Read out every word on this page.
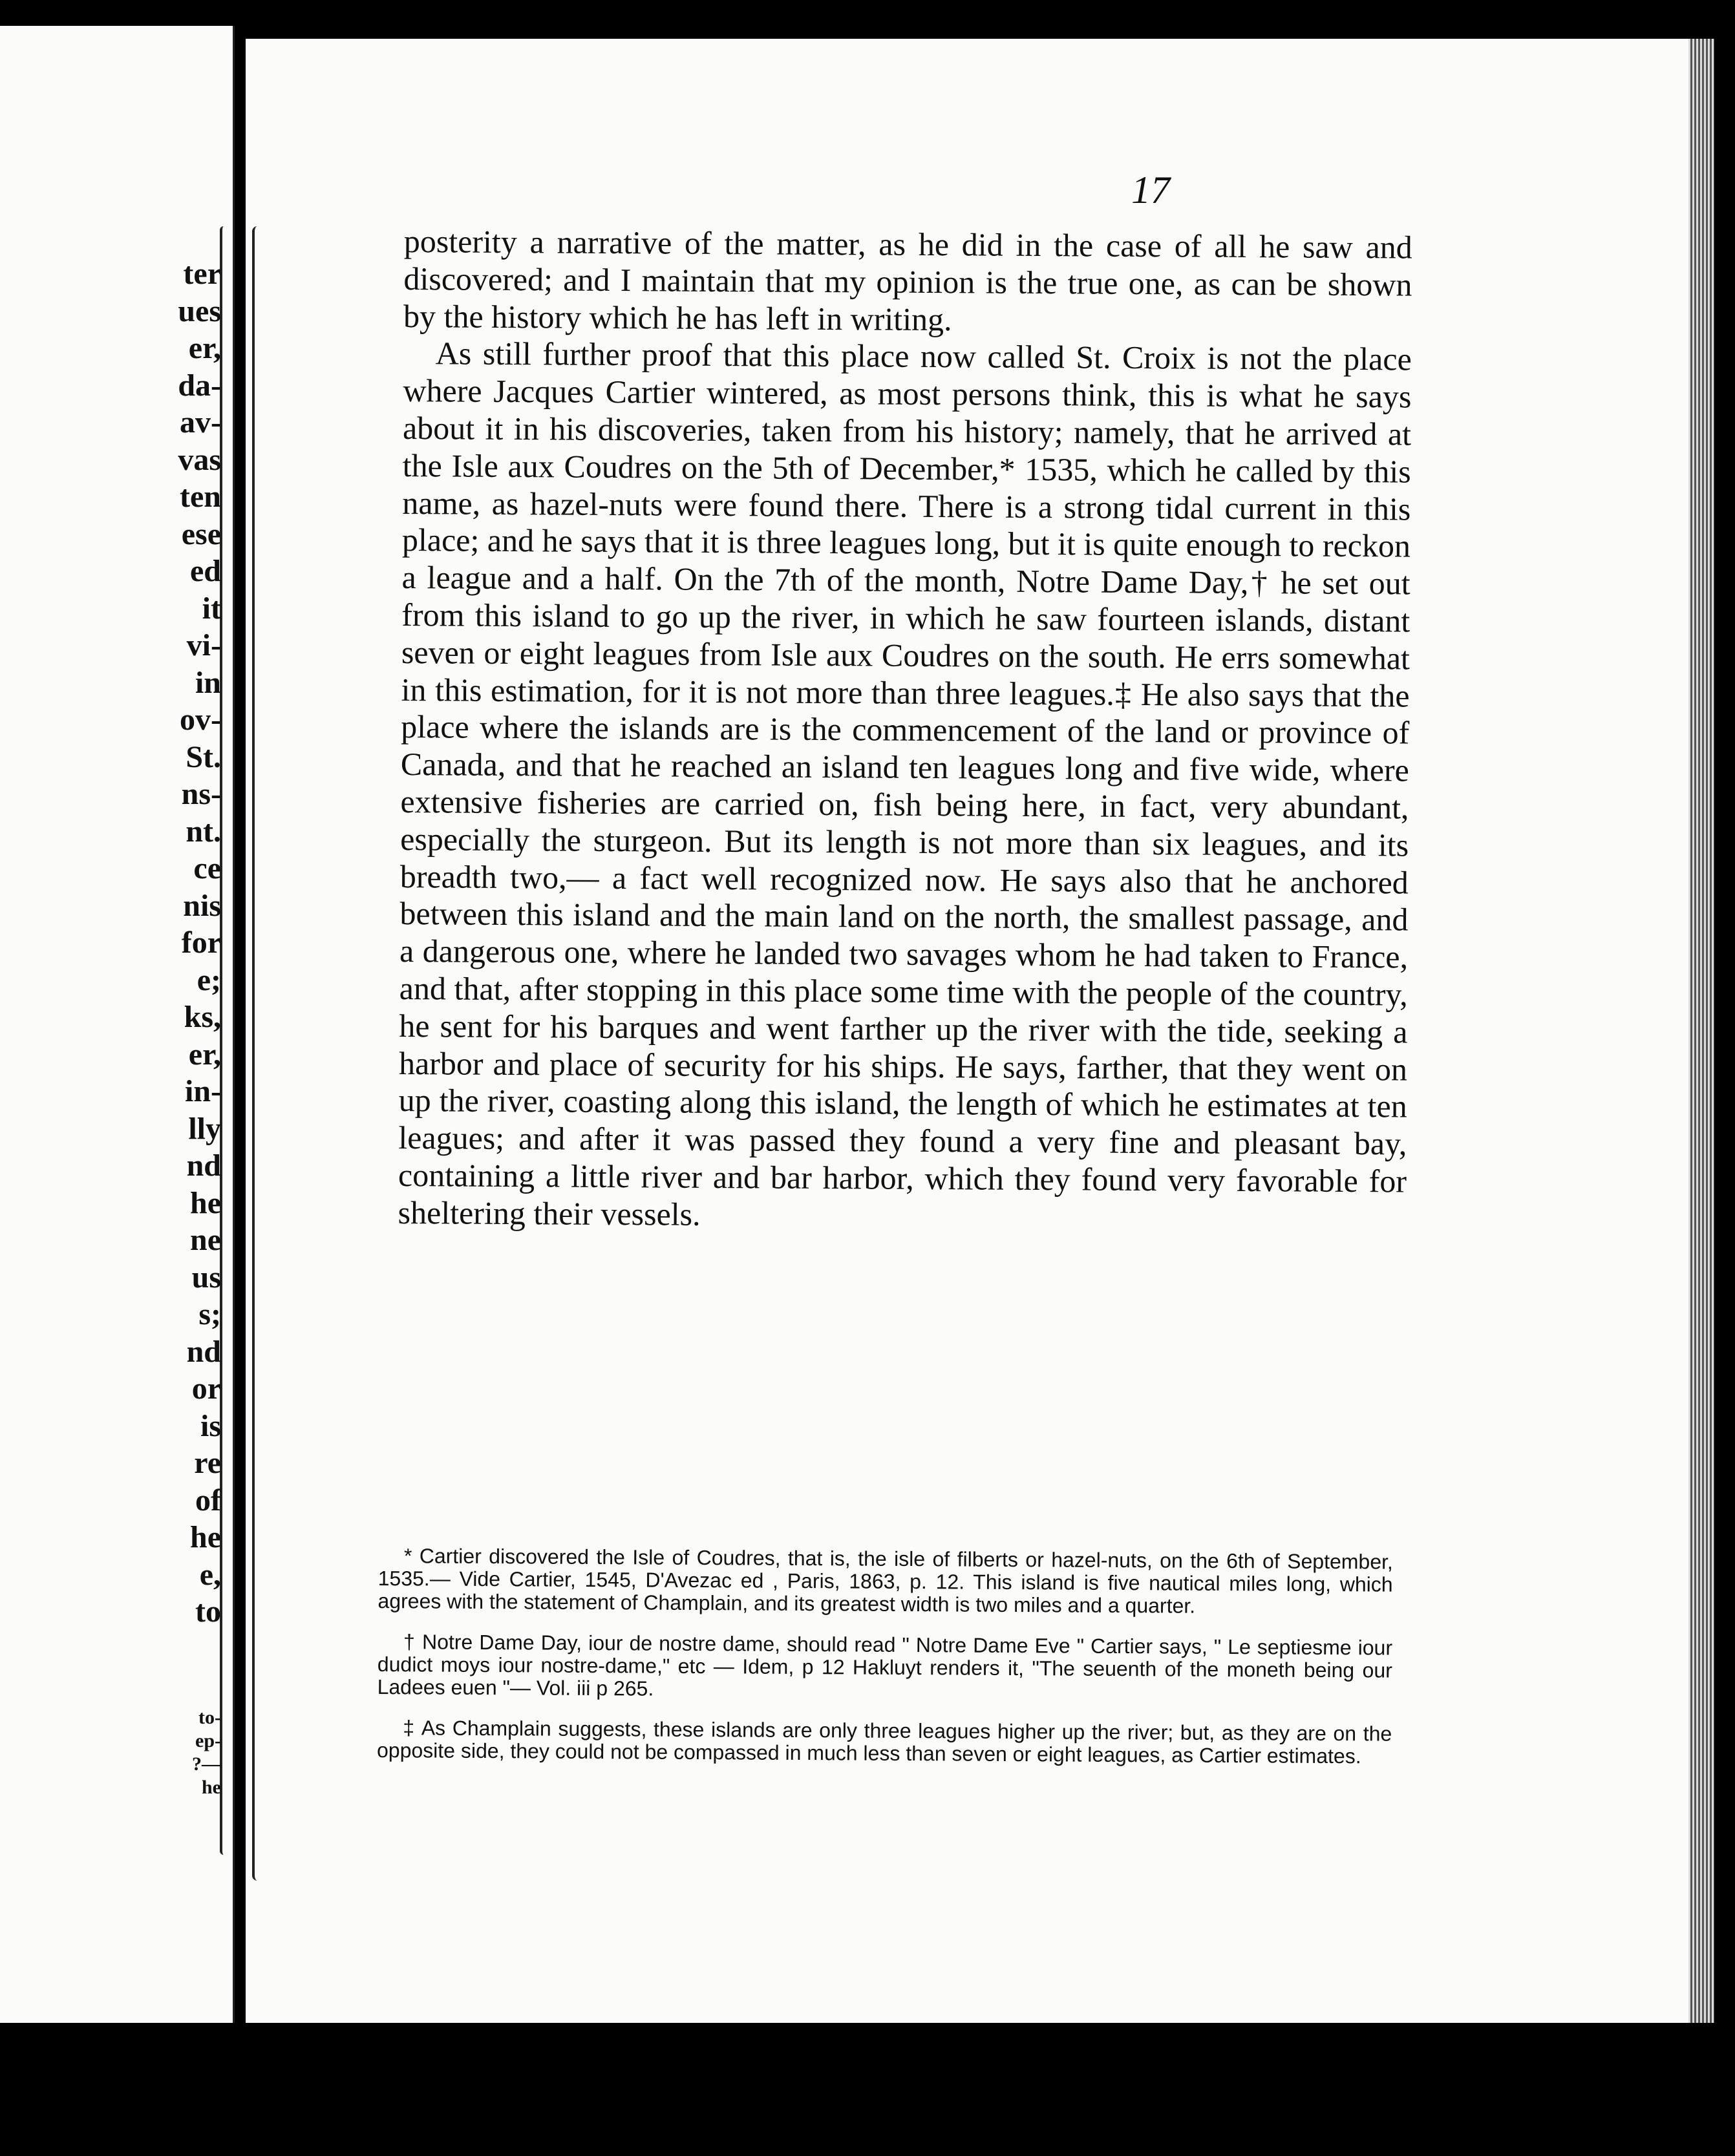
ter
ues
er,
da-
av-
vas
ten
ese
ed
it
vi-
in
ov-
St.
ns-
nt.
ce
nis
for
e;
ks,
er,
in-
lly
nd
he
ne
us
s;
nd
or
is
re
of
he
e,
to
to-
ep-
?—
he
17

posterity a narrative of the matter, as he did in the case of all he saw and discovered; and I maintain that my opinion is the true one, as can be shown by the history which he has left in writing.

As still further proof that this place now called St. Croix is not the place where Jacques Cartier wintered, as most persons think, this is what he says about it in his discoveries, taken from his history; namely, that he arrived at the Isle aux Coudres on the 5th of December,* 1535, which he called by this name, as hazel-nuts were found there. There is a strong tidal current in this place; and he says that it is three leagues long, but it is quite enough to reckon a league and a half. On the 7th of the month, Notre Dame Day,† he set out from this island to go up the river, in which he saw fourteen islands, distant seven or eight leagues from Isle aux Coudres on the south. He errs somewhat in this estimation, for it is not more than three leagues.‡ He also says that the place where the islands are is the commencement of the land or province of Canada, and that he reached an island ten leagues long and five wide, where extensive fisheries are carried on, fish being here, in fact, very abundant, especially the sturgeon. But its length is not more than six leagues, and its breadth two,— a fact well recognized now. He says also that he anchored between this island and the main land on the north, the smallest passage, and a dangerous one, where he landed two savages whom he had taken to France, and that, after stopping in this place some time with the people of the country, he sent for his barques and went farther up the river with the tide, seeking a harbor and place of security for his ships. He says, farther, that they went on up the river, coasting along this island, the length of which he estimates at ten leagues; and after it was passed they found a very fine and pleasant bay, containing a little river and bar harbor, which they found very favorable for sheltering their vessels.

* Cartier discovered the Isle of Coudres, that is, the isle of filberts or hazel-nuts, on the 6th of September, 1535.— Vide Cartier, 1545, D'Avezac ed , Paris, 1863, p. 12. This island is five nautical miles long, which agrees with the statement of Champlain, and its greatest width is two miles and a quarter.

† Notre Dame Day, iour de nostre dame, should read " Notre Dame Eve " Cartier says, " Le septiesme iour dudict moys iour nostre-dame," etc — Idem, p 12 Hakluyt renders it, "The seuenth of the moneth being our Ladees euen "— Vol. iii p 265.

‡ As Champlain suggests, these islands are only three leagues higher up the river; but, as they are on the opposite side, they could not be compassed in much less than seven or eight leagues, as Cartier estimates.
